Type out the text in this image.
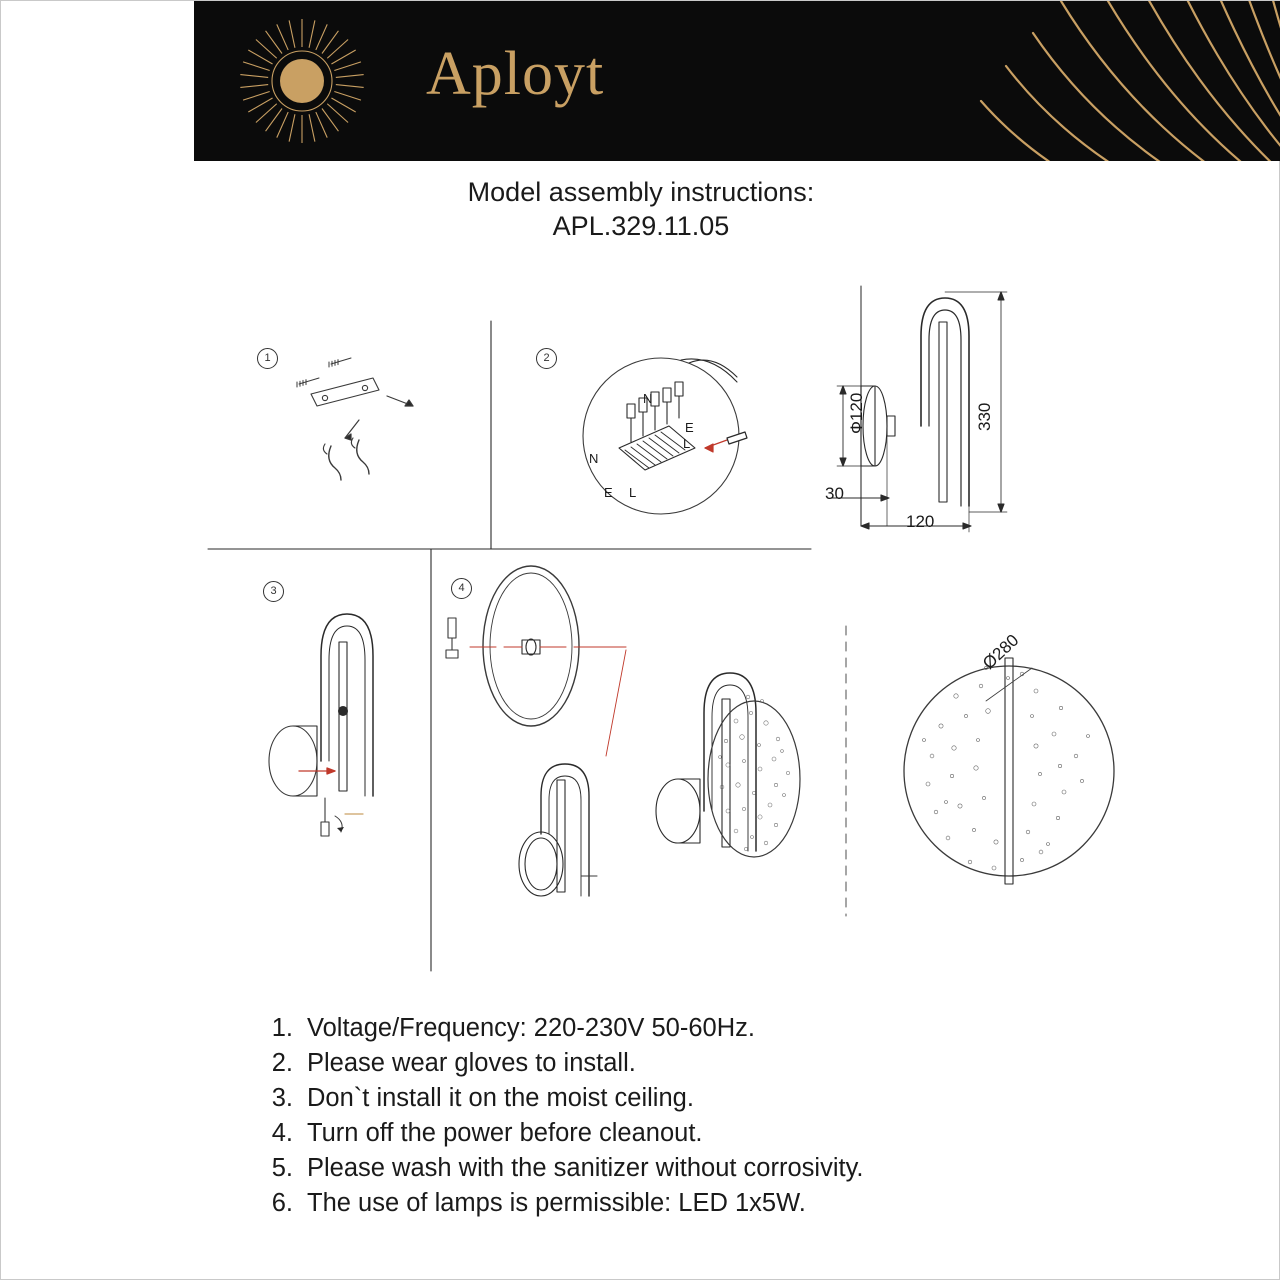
Aployt
Model assembly instructions:
APL.329.11.05
1	2
3	4
N
E
L
N
E L
330
Ф120
30
120
Ø280
1. Voltage/Frequency: 220-230V 50-60Hz.
2. Please wear gloves to install.
3. Don`t install it on the moist ceiling.
4. Turn off the power before cleanout.
5. Please wash with the sanitizer without corrosivity.
6. The use of lamps is permissible: LED 1x5W.
